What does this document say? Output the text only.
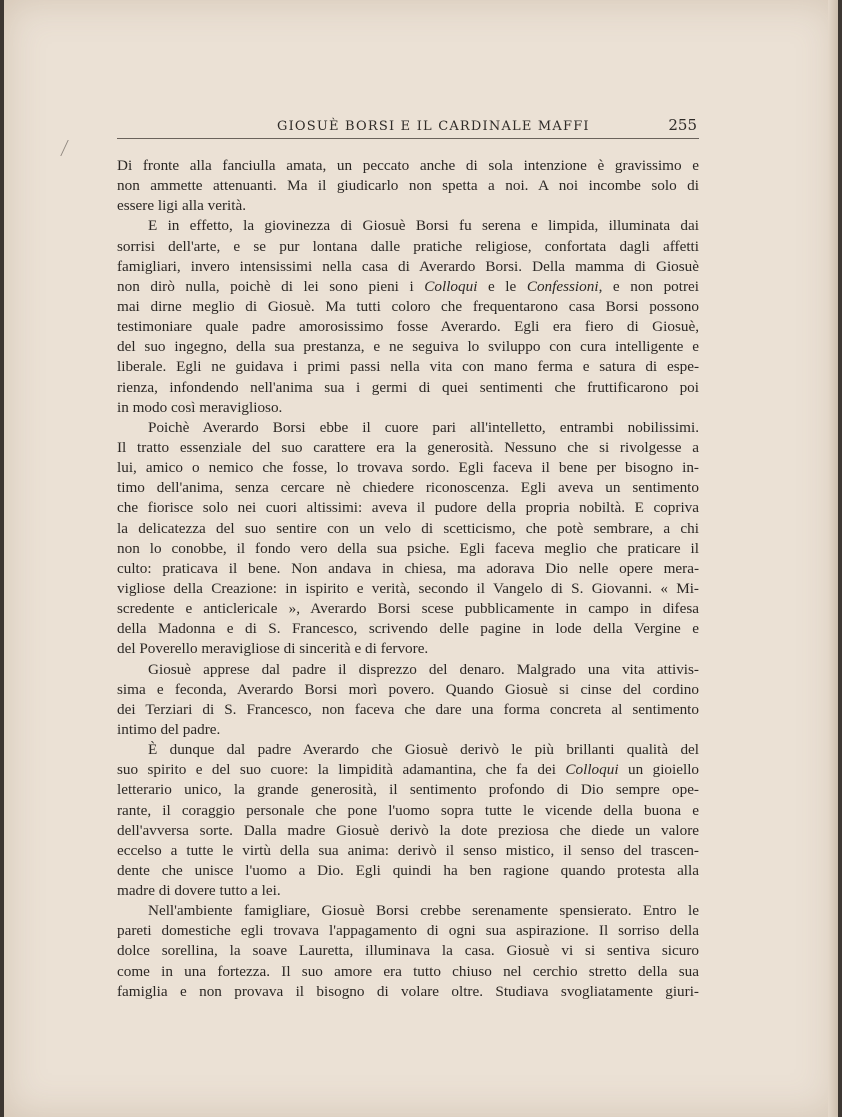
GIOSUÈ BORSI E IL CARDINALE MAFFI	255
Di fronte alla fanciulla amata, un peccato anche di sola intenzione è gravissimo e
non ammette attenuanti. Ma il giudicarlo non spetta a noi. A noi incombe solo di
essere ligi alla verità.
E in effetto, la giovinezza di Giosuè Borsi fu serena e limpida, illuminata dai
sorrisi dell'arte, e se pur lontana dalle pratiche religiose, confortata dagli affetti
famigliari, invero intensissimi nella casa di Averardo Borsi. Della mamma di Giosuè
non dirò nulla, poichè di lei sono pieni i Colloqui e le Confessioni, e non potrei
mai dirne meglio di Giosuè. Ma tutti coloro che frequentarono casa Borsi possono
testimoniare quale padre amorosissimo fosse Averardo. Egli era fiero di Giosuè,
del suo ingegno, della sua prestanza, e ne seguiva lo sviluppo con cura intelligente e
liberale. Egli ne guidava i primi passi nella vita con mano ferma e satura di espe-
rienza, infondendo nell'anima sua i germi di quei sentimenti che fruttificarono poi
in modo così meraviglioso.
Poichè Averardo Borsi ebbe il cuore pari all'intelletto, entrambi nobilissimi.
Il tratto essenziale del suo carattere era la generosità. Nessuno che si rivolgesse a
lui, amico o nemico che fosse, lo trovava sordo. Egli faceva il bene per bisogno in-
timo dell'anima, senza cercare nè chiedere riconoscenza. Egli aveva un sentimento
che fiorisce solo nei cuori altissimi: aveva il pudore della propria nobiltà. E copriva
la delicatezza del suo sentire con un velo di scetticismo, che potè sembrare, a chi
non lo conobbe, il fondo vero della sua psiche. Egli faceva meglio che praticare il
culto: praticava il bene. Non andava in chiesa, ma adorava Dio nelle opere mera-
vigliose della Creazione: in ispirito e verità, secondo il Vangelo di S. Giovanni. « Mi-
scredente e anticlericale », Averardo Borsi scese pubblicamente in campo in difesa
della Madonna e di S. Francesco, scrivendo delle pagine in lode della Vergine e
del Poverello meravigliose di sincerità e di fervore.
Giosuè apprese dal padre il disprezzo del denaro. Malgrado una vita attivis-
sima e feconda, Averardo Borsi morì povero. Quando Giosuè si cinse del cordino
dei Terziari di S. Francesco, non faceva che dare una forma concreta al sentimento
intimo del padre.
È dunque dal padre Averardo che Giosuè derivò le più brillanti qualità del
suo spirito e del suo cuore: la limpidità adamantina, che fa dei Colloqui un gioiello
letterario unico, la grande generosità, il sentimento profondo di Dio sempre ope-
rante, il coraggio personale che pone l'uomo sopra tutte le vicende della buona e
dell'avversa sorte. Dalla madre Giosuè derivò la dote preziosa che diede un valore
eccelso a tutte le virtù della sua anima: derivò il senso mistico, il senso del trascen-
dente che unisce l'uomo a Dio. Egli quindi ha ben ragione quando protesta alla
madre di dovere tutto a lei.
Nell'ambiente famigliare, Giosuè Borsi crebbe serenamente spensierato. Entro le
pareti domestiche egli trovava l'appagamento di ogni sua aspirazione. Il sorriso della
dolce sorellina, la soave Lauretta, illuminava la casa. Giosuè vi si sentiva sicuro
come in una fortezza. Il suo amore era tutto chiuso nel cerchio stretto della sua
famiglia e non provava il bisogno di volare oltre. Studiava svogliatamente giuri-
